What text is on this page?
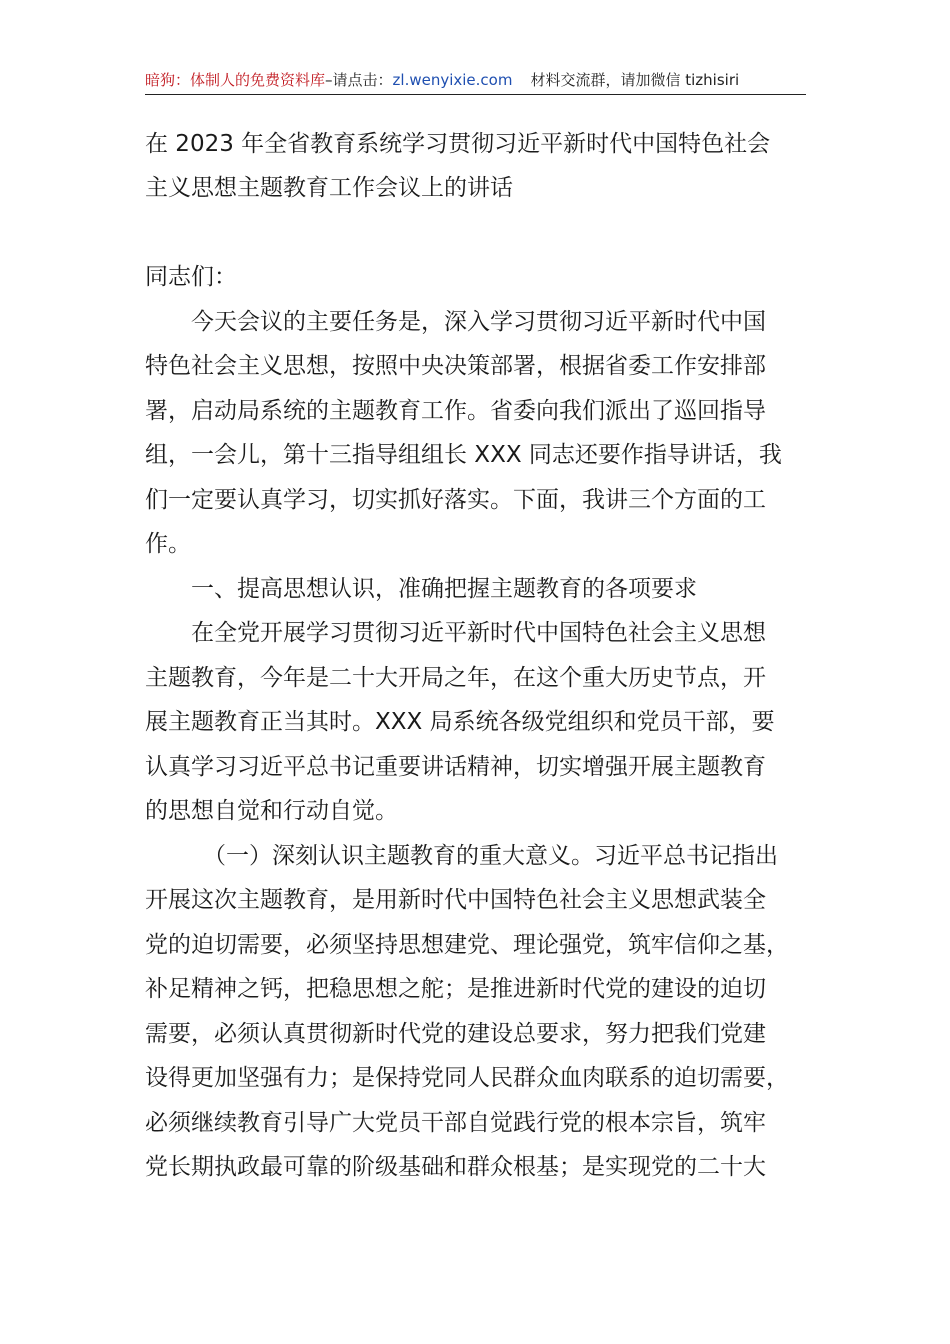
暗狗：体制人的免费资料库–请点击：zl.wenyixie.com 材料交流群，请加微信 tizhisiri
在 2023 年全省教育系统学习贯彻习近平新时代中国特色社会
主义思想主题教育工作会议上的讲话
同志们：
今天会议的主要任务是，深入学习贯彻习近平新时代中国
特色社会主义思想，按照中央决策部署，根据省委工作安排部
署，启动局系统的主题教育工作。省委向我们派出了巡回指导
组，一会儿，第十三指导组组长 XXX 同志还要作指导讲话，我
们一定要认真学习，切实抓好落实。下面，我讲三个方面的工
作。
一、提高思想认识，准确把握主题教育的各项要求
在全党开展学习贯彻习近平新时代中国特色社会主义思想
主题教育，今年是二十大开局之年，在这个重大历史节点，开
展主题教育正当其时。XXX 局系统各级党组织和党员干部，要
认真学习习近平总书记重要讲话精神，切实增强开展主题教育
的思想自觉和行动自觉。
（一）深刻认识主题教育的重大意义。习近平总书记指出
开展这次主题教育，是用新时代中国特色社会主义思想武装全
党的迫切需要，必须坚持思想建党、理论强党，筑牢信仰之基，
补足精神之钙，把稳思想之舵；是推进新时代党的建设的迫切
需要，必须认真贯彻新时代党的建设总要求，努力把我们党建
设得更加坚强有力；是保持党同人民群众血肉联系的迫切需要，
必须继续教育引导广大党员干部自觉践行党的根本宗旨，筑牢
党长期执政最可靠的阶级基础和群众根基；是实现党的二十大
